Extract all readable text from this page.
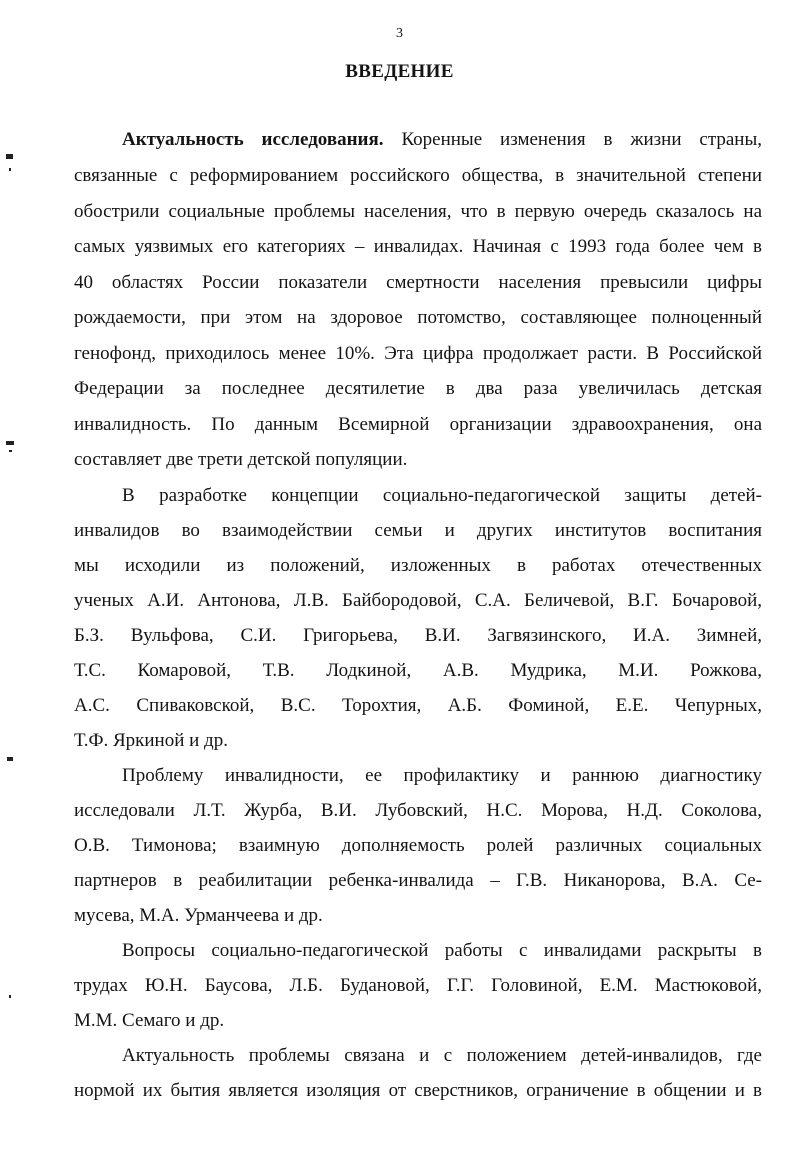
3
ВВЕДЕНИЕ
Актуальность исследования. Коренные изменения в жизни страны,
связанные с реформированием российского общества, в значительной степени
обострили социальные проблемы населения, что в первую очередь сказалось на
самых уязвимых его категориях – инвалидах. Начиная с 1993 года более чем в
40 областях России показатели смертности населения превысили цифры
рождаемости, при этом на здоровое потомство, составляющее полноценный
генофонд, приходилось менее 10%. Эта цифра продолжает расти. В Российской
Федерации за последнее десятилетие в два раза увеличилась детская
инвалидность. По данным Всемирной организации здравоохранения, она
составляет две трети детской популяции.
В разработке концепции социально-педагогической защиты детей-
инвалидов во взаимодействии семьи и других институтов воспитания
мы исходили из положений, изложенных в работах отечественных
ученых А.И. Антонова, Л.В. Байбородовой, С.А. Беличевой, В.Г. Бочаровой,
Б.З. Вульфова, С.И. Григорьева, В.И. Загвязинского, И.А. Зимней,
Т.С. Комаровой, Т.В. Лодкиной, А.В. Мудрика, М.И. Рожкова,
А.С. Спиваковской, В.С. Торохтия, А.Б. Фоминой, Е.Е. Чепурных,
Т.Ф. Яркиной и др.
Проблему инвалидности, ее профилактику и раннюю диагностику
исследовали Л.Т. Журба, В.И. Лубовский, Н.С. Морова, Н.Д. Соколова,
О.В. Тимонова; взаимную дополняемость ролей различных социальных
партнеров в реабилитации ребенка-инвалида – Г.В. Никанорова, В.А. Се-
мусева, М.А. Урманчеева и др.
Вопросы социально-педагогической работы с инвалидами раскрыты в
трудах Ю.Н. Баусова, Л.Б. Будановой, Г.Г. Головиной, Е.М. Мастюковой,
М.М. Семаго и др.
Актуальность проблемы связана и с положением детей-инвалидов, где
нормой их бытия является изоляция от сверстников, ограничение в общении и в
